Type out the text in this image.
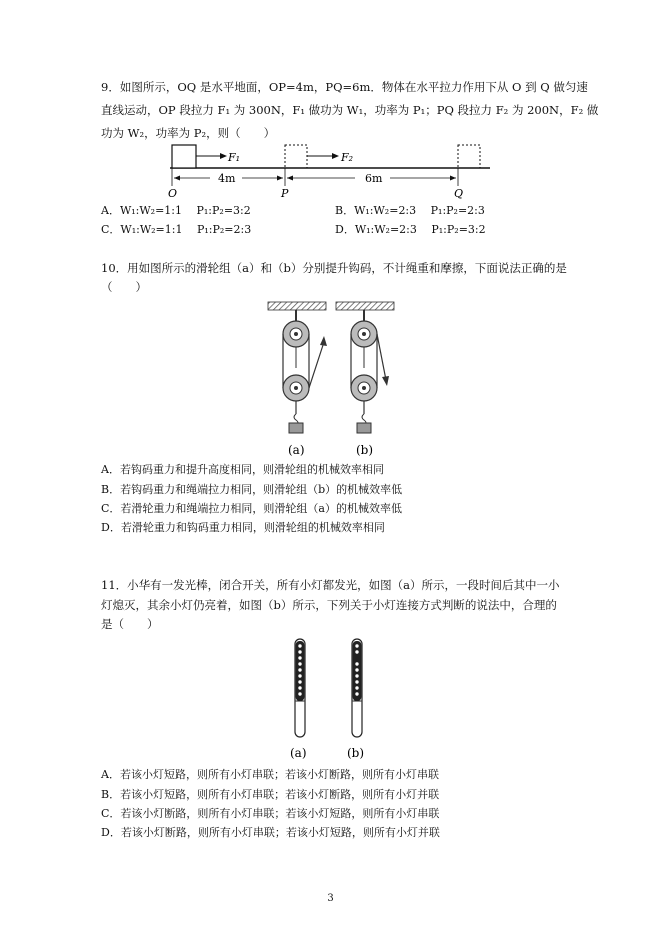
9．如图所示，OQ 是水平地面，OP=4m，PQ=6m．物体在水平拉力作用下从 O 到 Q 做匀速
直线运动，OP 段拉力 F₁ 为 300N，F₁ 做功为 W₁，功率为 P₁；PQ 段拉力 F₂ 为 200N，F₂ 做
功为 W₂，功率为 P₂，则（　　）
F₁	F₂
4m	6m
O	P	Q
A．W₁:W₂=1:1　 P₁:P₂=3:2	B．W₁:W₂=2:3　 P₁:P₂=2:3
C．W₁:W₂=1:1　 P₁:P₂=2:3	D．W₁:W₂=2:3　 P₁:P₂=3:2
10．用如图所示的滑轮组（a）和（b）分别提升钩码，不计绳重和摩擦，下面说法正确的是
（　　）
(a)	(b)
A．若钩码重力和提升高度相同，则滑轮组的机械效率相同
B．若钩码重力和绳端拉力相同，则滑轮组（b）的机械效率低
C．若滑轮重力和绳端拉力相同，则滑轮组（a）的机械效率低
D．若滑轮重力和钩码重力相同，则滑轮组的机械效率相同
11．小华有一发光棒，闭合开关，所有小灯都发光，如图（a）所示，一段时间后其中一小
灯熄灭，其余小灯仍亮着，如图（b）所示，下列关于小灯连接方式判断的说法中，合理的
是（　　）
(a)	(b)
A．若该小灯短路，则所有小灯串联；若该小灯断路，则所有小灯串联
B．若该小灯短路，则所有小灯串联；若该小灯断路，则所有小灯并联
C．若该小灯断路，则所有小灯串联；若该小灯短路，则所有小灯串联
D．若该小灯断路，则所有小灯串联；若该小灯短路，则所有小灯并联
3
